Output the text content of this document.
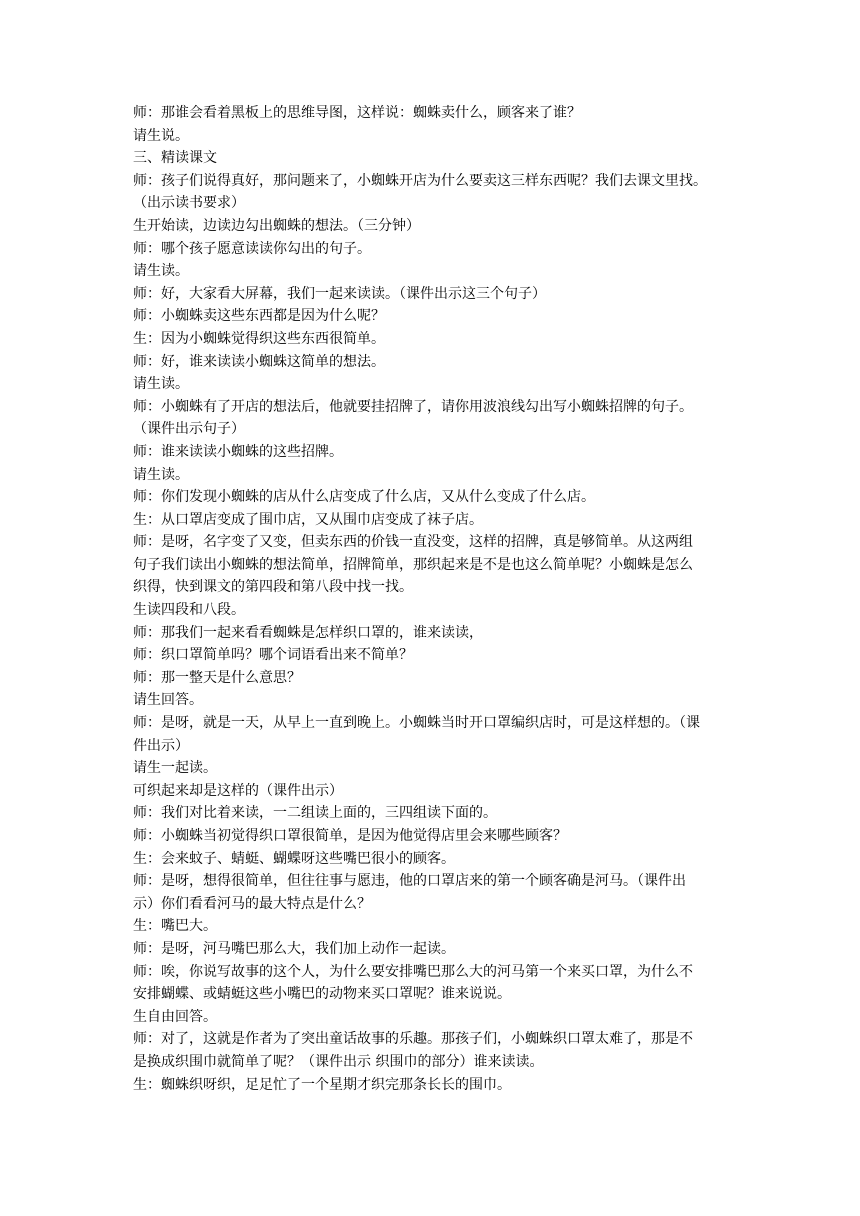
师：那谁会看着黑板上的思维导图，这样说：蜘蛛卖什么，顾客来了谁？

请生说。

三、精读课文

师：孩子们说得真好，那问题来了，小蜘蛛开店为什么要卖这三样东西呢？我们去课文里找。

（出示读书要求）

生开始读，边读边勾出蜘蛛的想法。（三分钟）

师：哪个孩子愿意读读你勾出的句子。

请生读。

师：好，大家看大屏幕，我们一起来读读。（课件出示这三个句子）

师：小蜘蛛卖这些东西都是因为什么呢？

生：因为小蜘蛛觉得织这些东西很简单。

师：好，谁来读读小蜘蛛这简单的想法。

请生读。

师：小蜘蛛有了开店的想法后，他就要挂招牌了，请你用波浪线勾出写小蜘蛛招牌的句子。

（课件出示句子）

师：谁来读读小蜘蛛的这些招牌。

请生读。

师：你们发现小蜘蛛的店从什么店变成了什么店，又从什么变成了什么店。

生：从口罩店变成了围巾店，又从围巾店变成了袜子店。

师：是呀，名字变了又变，但卖东西的价钱一直没变，这样的招牌，真是够简单。从这两组

句子我们读出小蜘蛛的想法简单，招牌简单，那织起来是不是也这么简单呢？小蜘蛛是怎么

织得，快到课文的第四段和第八段中找一找。

生读四段和八段。

师：那我们一起来看看蜘蛛是怎样织口罩的，谁来读读，

师：织口罩简单吗？哪个词语看出来不简单？

师：那一整天是什么意思？

请生回答。

师：是呀，就是一天，从早上一直到晚上。小蜘蛛当时开口罩编织店时，可是这样想的。（课

件出示）

请生一起读。

可织起来却是这样的（课件出示）

师：我们对比着来读，一二组读上面的，三四组读下面的。

师：小蜘蛛当初觉得织口罩很简单，是因为他觉得店里会来哪些顾客？

生：会来蚊子、蜻蜓、蝴蝶呀这些嘴巴很小的顾客。

师：是呀，想得很简单，但往往事与愿违，他的口罩店来的第一个顾客确是河马。（课件出

示）你们看看河马的最大特点是什么？

生：嘴巴大。

师：是呀，河马嘴巴那么大，我们加上动作一起读。

师：唉，你说写故事的这个人，为什么要安排嘴巴那么大的河马第一个来买口罩，为什么不

安排蝴蝶、或蜻蜓这些小嘴巴的动物来买口罩呢？谁来说说。

生自由回答。

师：对了，这就是作者为了突出童话故事的乐趣。那孩子们，小蜘蛛织口罩太难了，那是不

是换成织围巾就简单了呢？（课件出示 织围巾的部分）谁来读读。

生：蜘蛛织呀织，足足忙了一个星期才织完那条长长的围巾。
